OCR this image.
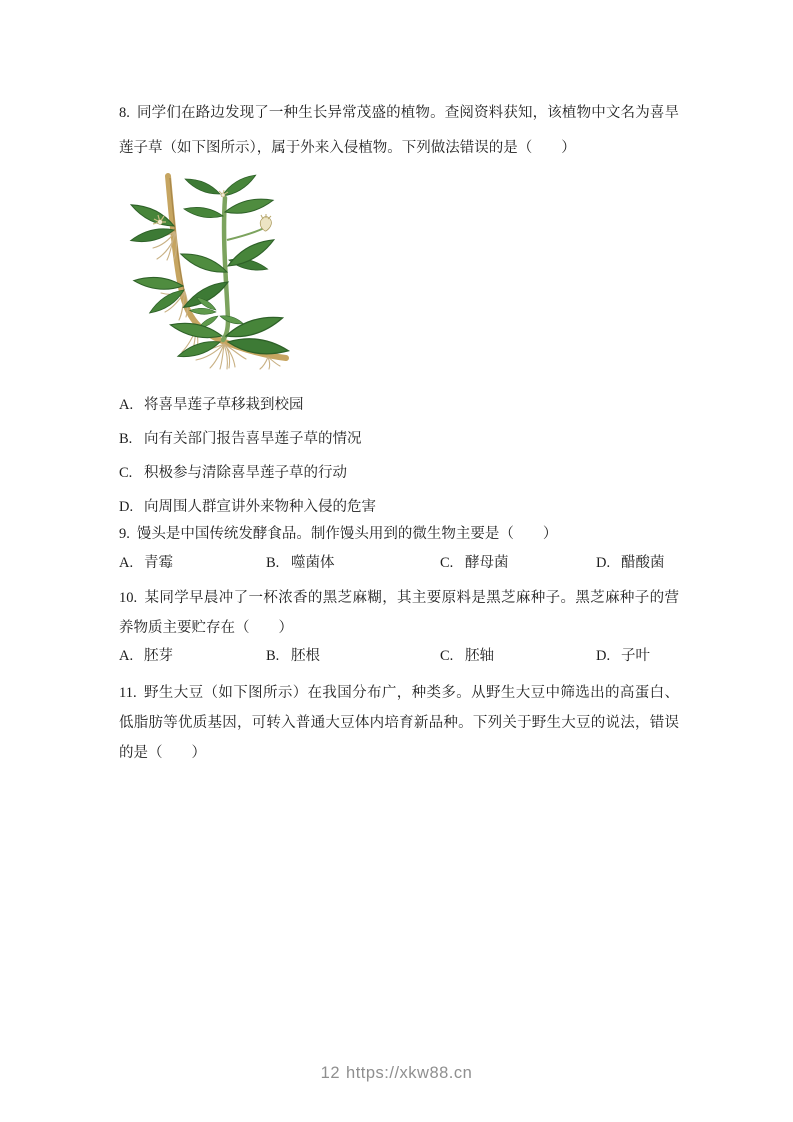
8. 同学们在路边发现了一种生长异常茂盛的植物。查阅资料获知，该植物中文名为喜旱莲子草（如下图所示），属于外来入侵植物。下列做法错误的是（　　）
A. 将喜旱莲子草移栽到校园
B. 向有关部门报告喜旱莲子草的情况
C. 积极参与清除喜旱莲子草的行动
D. 向周围人群宣讲外来物种入侵的危害
9. 馒头是中国传统发酵食品。制作馒头用到的微生物主要是（　　）
A. 青霉	B. 噬菌体	C. 酵母菌	D. 醋酸菌
10. 某同学早晨冲了一杯浓香的黑芝麻糊，其主要原料是黑芝麻种子。黑芝麻种子的营养物质主要贮存在（　　）
A. 胚芽	B. 胚根	C. 胚轴	D. 子叶
11. 野生大豆（如下图所示）在我国分布广，种类多。从野生大豆中筛选出的高蛋白、低脂肪等优质基因，可转入普通大豆体内培育新品种。下列关于野生大豆的说法，错误的是（　　）
12 https://xkw88.cn
